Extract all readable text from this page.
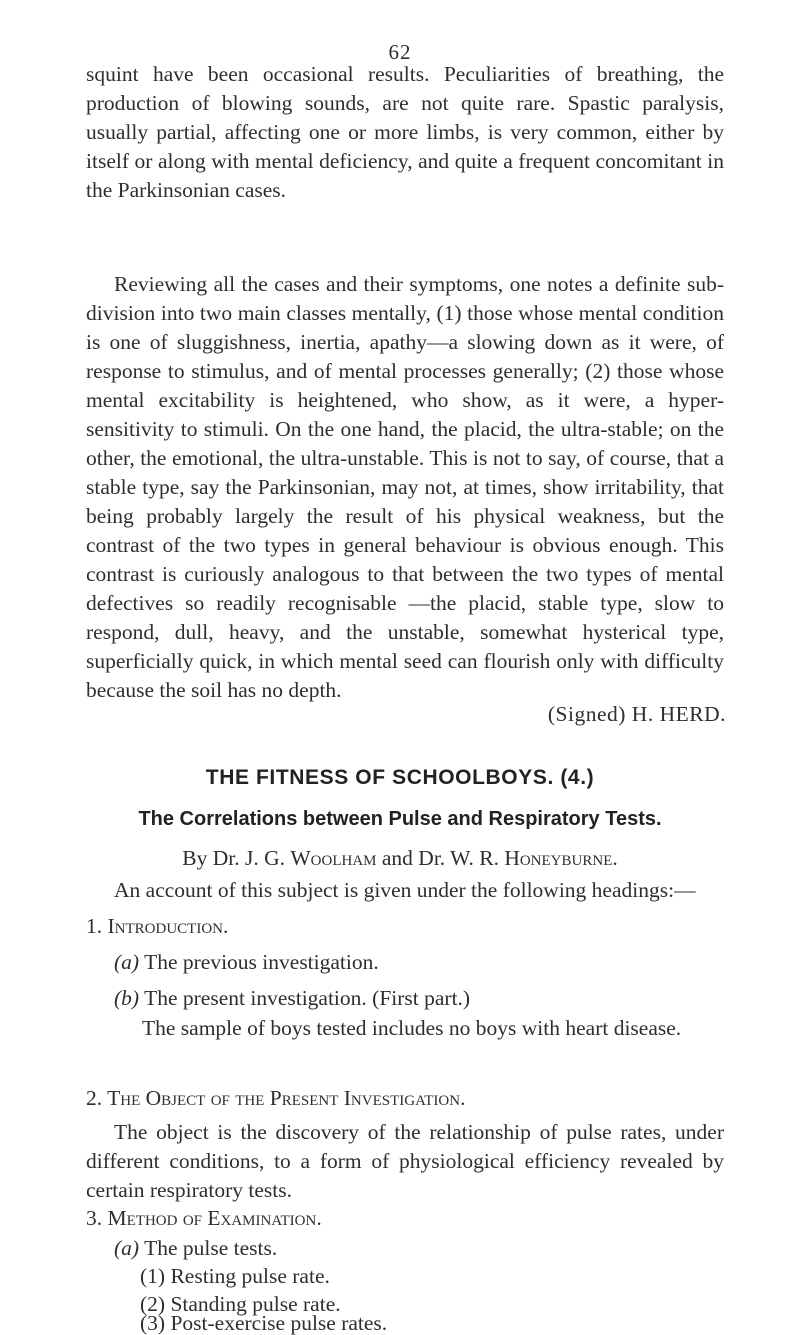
62
squint have been occasional results. Peculiarities of breathing, the production of blowing sounds, are not quite rare. Spastic paralysis, usually partial, affecting one or more limbs, is very common, either by itself or along with mental deficiency, and quite a frequent concomitant in the Parkinsonian cases.
Reviewing all the cases and their symptoms, one notes a definite sub-division into two main classes mentally, (1) those whose mental condition is one of sluggishness, inertia, apathy—a slowing down as it were, of response to stimulus, and of mental processes generally; (2) those whose mental excitability is heightened, who show, as it were, a hyper-sensitivity to stimuli. On the one hand, the placid, the ultra-stable; on the other, the emotional, the ultra-unstable. This is not to say, of course, that a stable type, say the Parkinsonian, may not, at times, show irritability, that being probably largely the result of his physical weakness, but the contrast of the two types in general behaviour is obvious enough. This contrast is curiously analogous to that between the two types of mental defectives so readily recognisable —the placid, stable type, slow to respond, dull, heavy, and the unstable, somewhat hysterical type, superficially quick, in which mental seed can flourish only with difficulty because the soil has no depth.
(Signed) H. HERD.
THE FITNESS OF SCHOOLBOYS. (4.)
The Correlations between Pulse and Respiratory Tests.
By Dr. J. G. Woolham and Dr. W. R. Honeyburne.
An account of this subject is given under the following headings:—
1. Introduction.
(a) The previous investigation.
(b) The present investigation. (First part.)
The sample of boys tested includes no boys with heart disease.
2. The Object of the Present Investigation.
The object is the discovery of the relationship of pulse rates, under different conditions, to a form of physiological efficiency revealed by certain respiratory tests.
3. Method of Examination.
(a) The pulse tests.
(1) Resting pulse rate.
(2) Standing pulse rate.
(3) Post-exercise pulse rates.
